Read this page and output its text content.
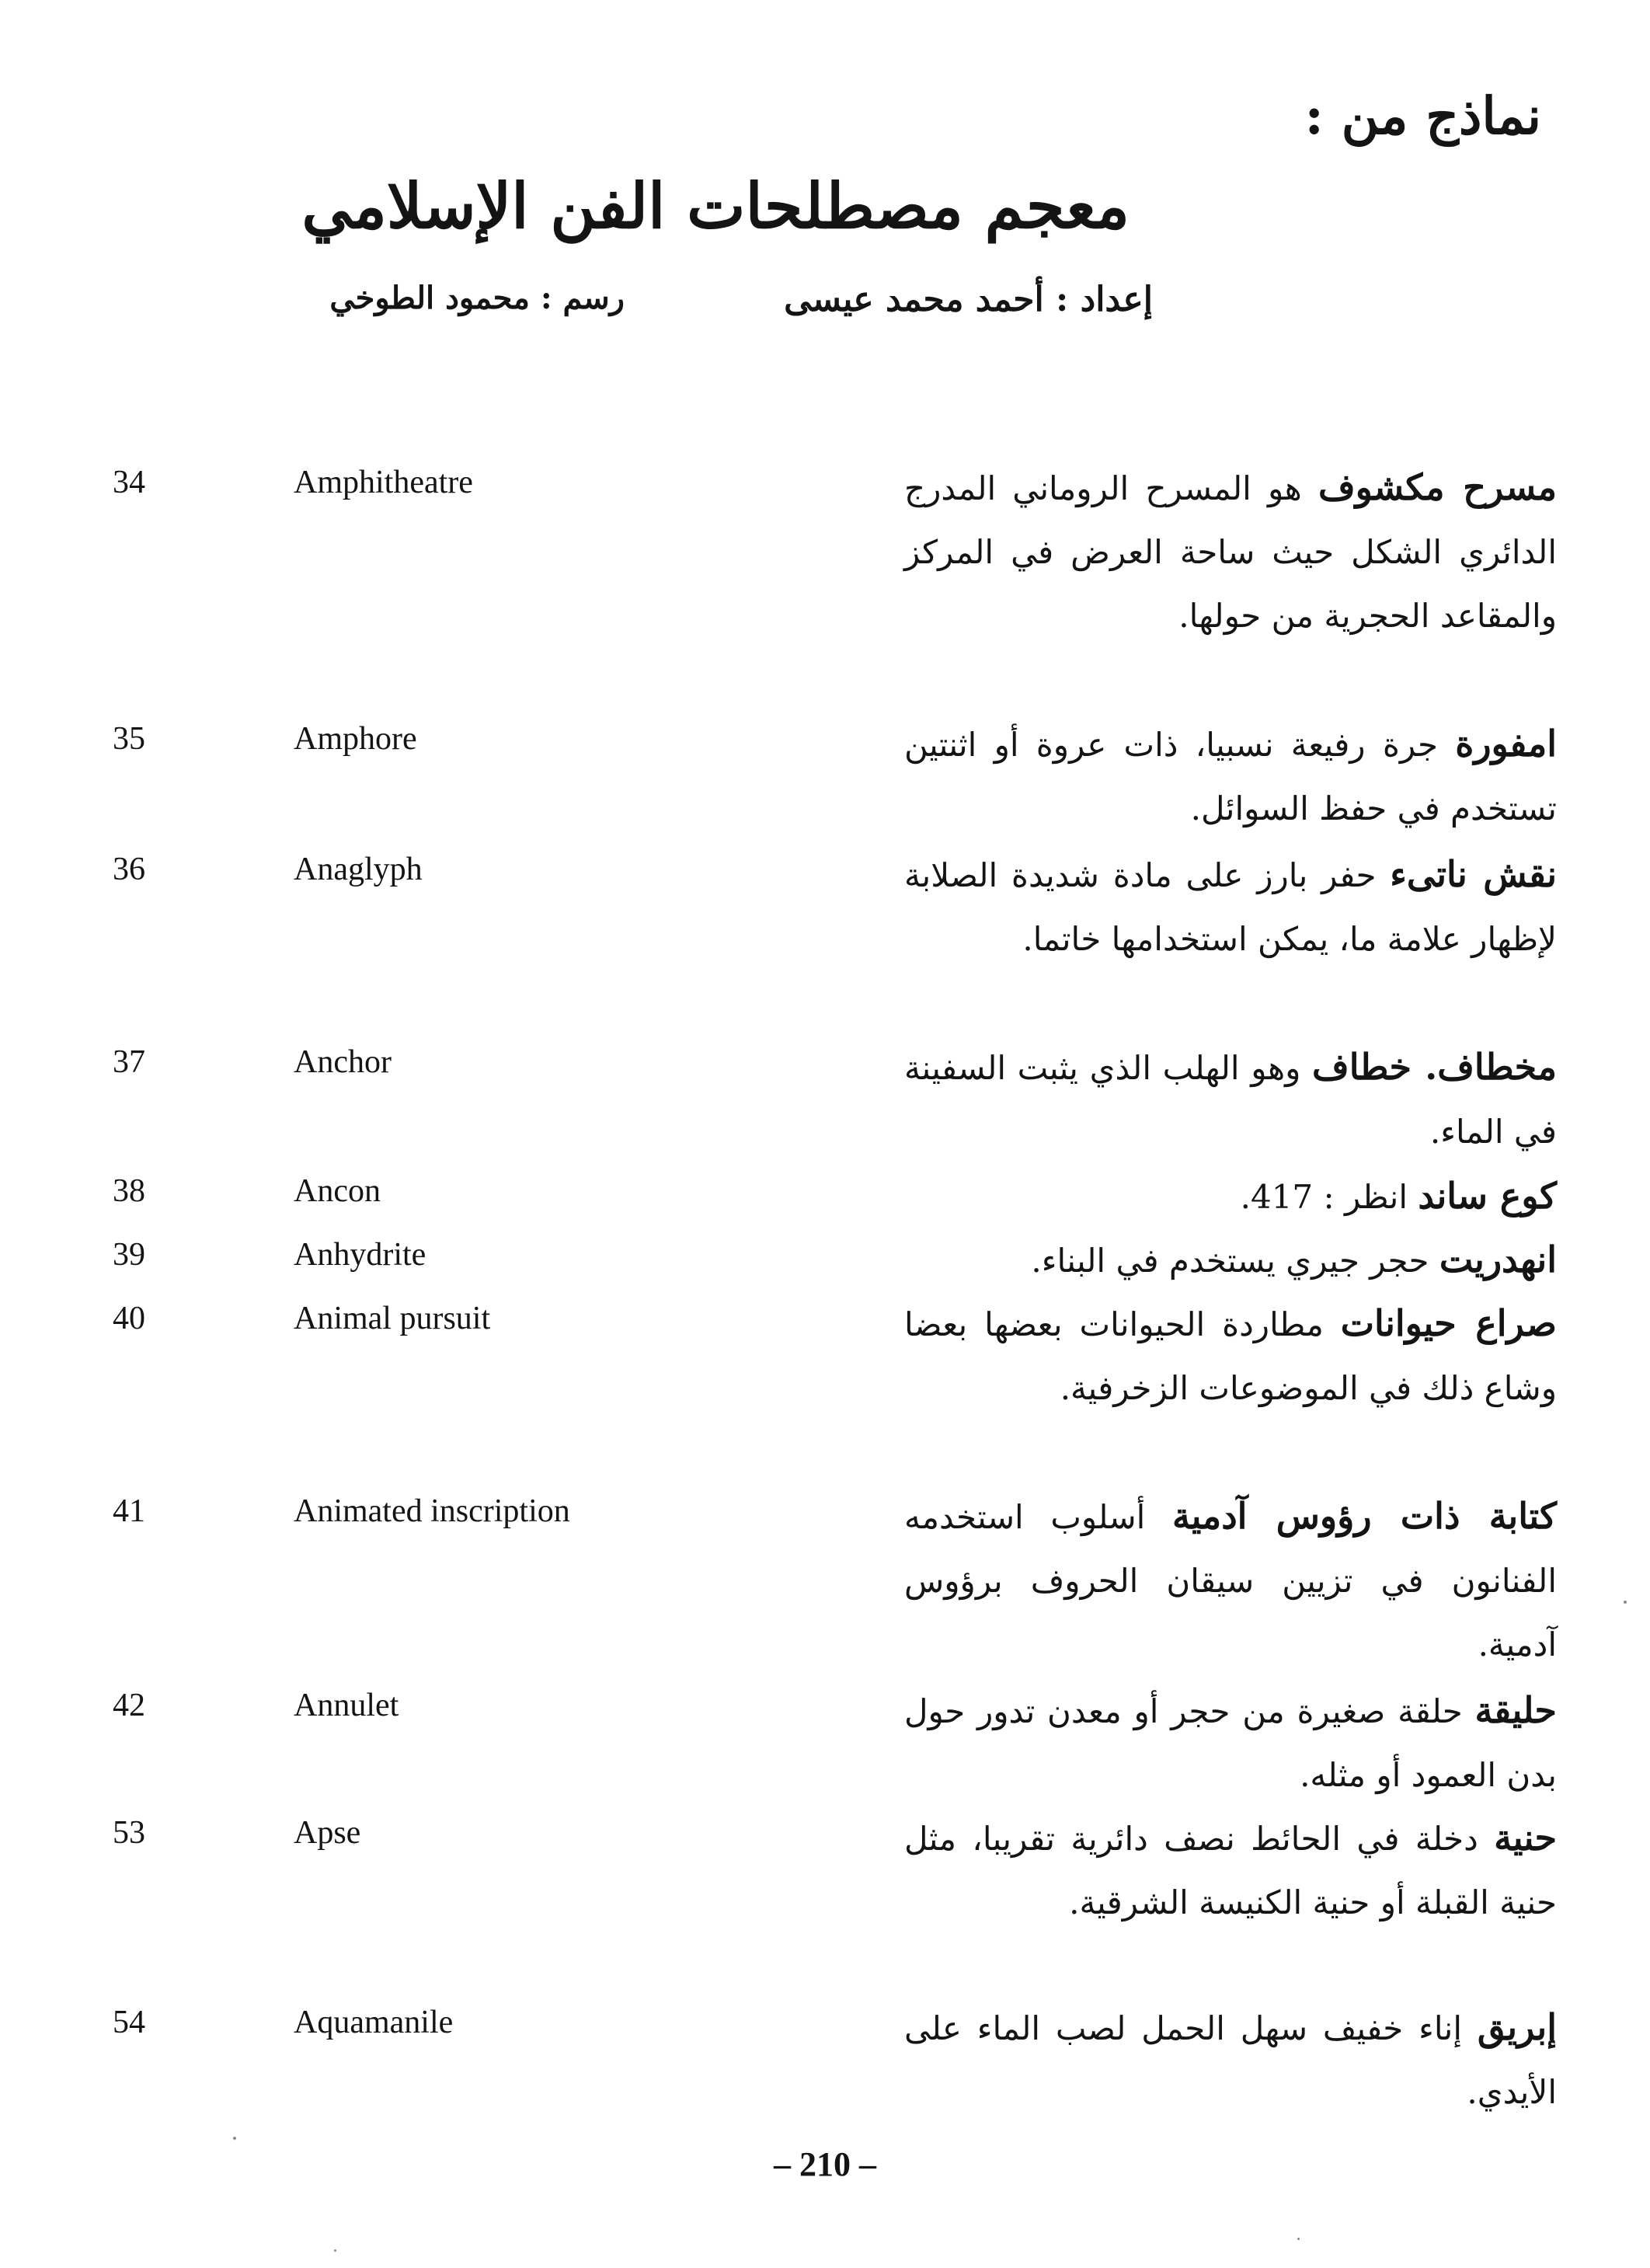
نماذج من :
معجم مصطلحات الفن الإسلامي
إعداد : أحمد محمد عيسى
رسم : محمود الطوخي
34	Amphitheatre	مسرح مكشوف هو المسرح الروماني المدرج الدائري الشكل حيث ساحة العرض في المركز والمقاعد الحجرية من حولها.
35	Amphore	امفورة جرة رفيعة نسبيا، ذات عروة أو اثنتين تستخدم في حفظ السوائل.
36	Anaglyph	نقش ناتىء حفر بارز على مادة شديدة الصلابة لإظهار علامة ما، يمكن استخدامها خاتما.
37	Anchor	مخطاف. خطاف وهو الهلب الذي يثبت السفينة في الماء.
38	Ancon	كوع ساند انظر : 417.
39	Anhydrite	انهدريت حجر جيري يستخدم في البناء.
40	Animal pursuit	صراع حيوانات مطاردة الحيوانات بعضها بعضا وشاع ذلك في الموضوعات الزخرفية.
41	Animated inscription	كتابة ذات رؤوس آدمية أسلوب استخدمه الفنانون في تزيين سيقان الحروف برؤوس آدمية.
42	Annulet	حليقة حلقة صغيرة من حجر أو معدن تدور حول بدن العمود أو مثله.
53	Apse	حنية دخلة في الحائط نصف دائرية تقريبا، مثل حنية القبلة أو حنية الكنيسة الشرقية.
54	Aquamanile	إبريق إناء خفيف سهل الحمل لصب الماء على الأيدي.
– 210 –
